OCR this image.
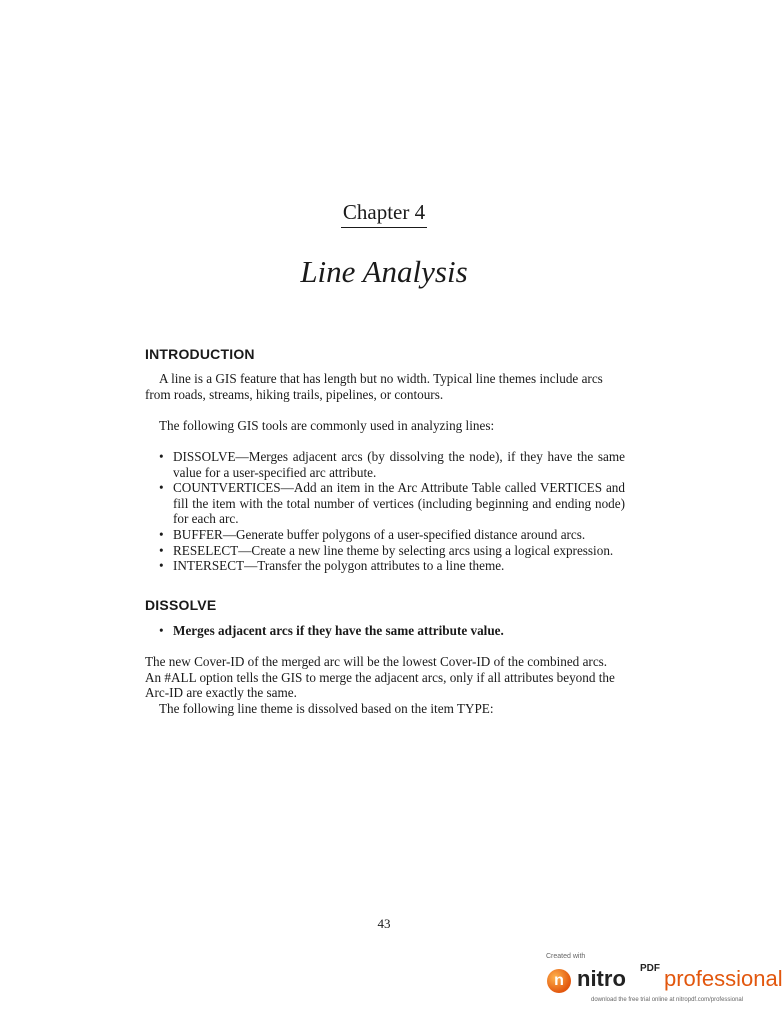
Chapter 4
Line Analysis
INTRODUCTION

A line is a GIS feature that has length but no width. Typical line themes include arcs from roads, streams, hiking trails, pipelines, or contours.

The following GIS tools are commonly used in analyzing lines:

• DISSOLVE—Merges adjacent arcs (by dissolving the node), if they have the same value for a user-specified arc attribute.
• COUNTVERTICES—Add an item in the Arc Attribute Table called VERTICES and fill the item with the total number of vertices (including beginning and ending node) for each arc.
• BUFFER—Generate buffer polygons of a user-specified distance around arcs.
• RESELECT—Create a new line theme by selecting arcs using a logical expression.
• INTERSECT—Transfer the polygon attributes to a line theme.
DISSOLVE
• Merges adjacent arcs if they have the same attribute value.

The new Cover-ID of the merged arc will be the lowest Cover-ID of the combined arcs. An #ALL option tells the GIS to merge the adjacent arcs, only if all attributes beyond the Arc-ID are exactly the same.

The following line theme is dissolved based on the item TYPE:

43
Created with
n nitro PDF professional
download the free trial online at nitropdf.com/professional
